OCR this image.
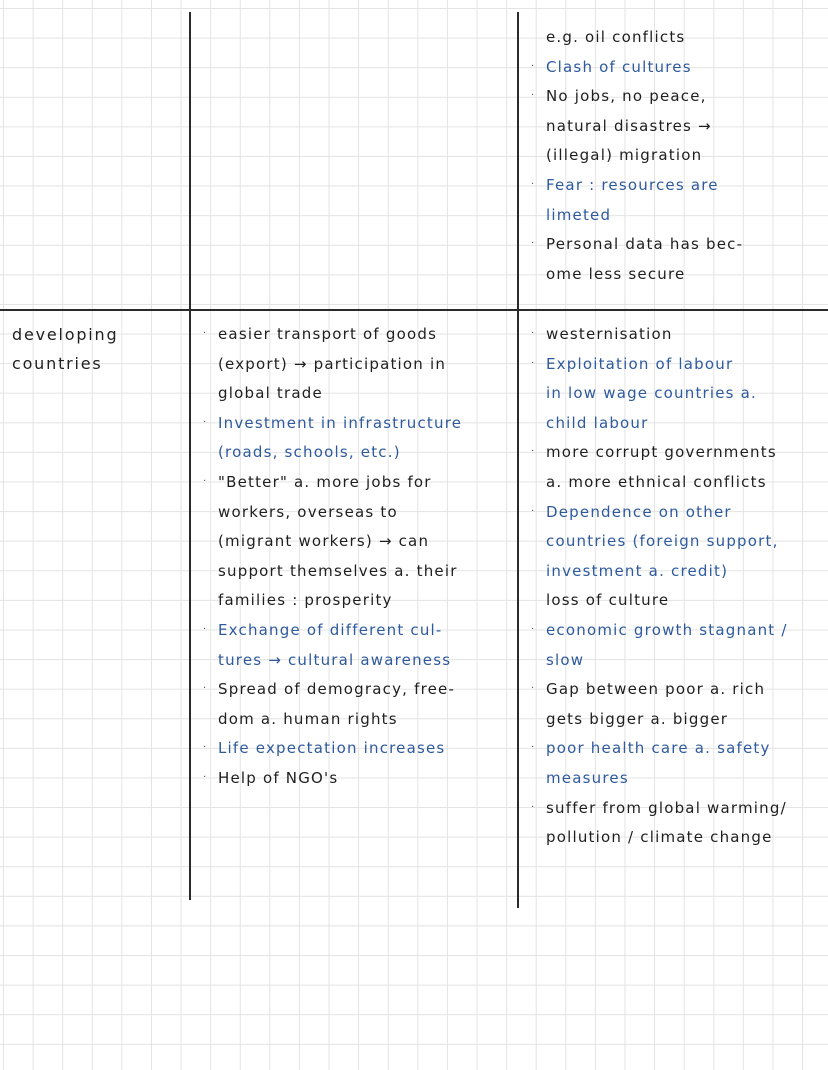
developing
countries
e.g. oil conflicts
· Clash of cultures
· No jobs, no peace,
natural disastres →
(illegal) migration
· Fear : resources are
limeted
· Personal data has bec-
ome less secure
· easier transport of goods
(export) → participation in
global trade
· Investment in infrastructure
(roads, schools, etc.)
· "Better" a. more jobs for
workers, overseas to
(migrant workers) → can
support themselves a. their
families : prosperity
· Exchange of different cul-
tures → cultural awareness
· Spread of demogracy, free-
dom a. human rights
· Life expectation increases
· Help of NGO's
· westernisation
· Exploitation of labour
in low wage countries a.
child labour
· more corrupt governments
a. more ethnical conflicts
· Dependence on other
countries (foreign support,
investment a. credit)
loss of culture
· economic growth stagnant /
slow
· Gap between poor a. rich
gets bigger a. bigger
· poor health care a. safety
measures
· suffer from global warming/
pollution / climate change
